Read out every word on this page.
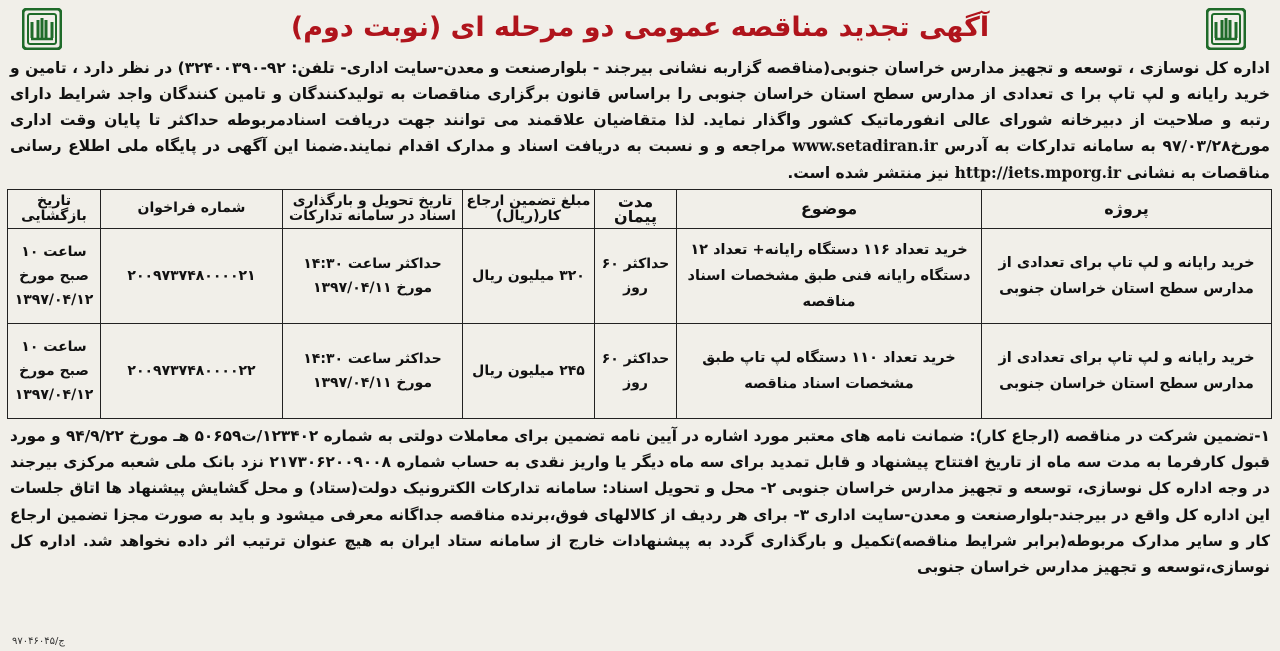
آگهی تجدید مناقصه عمومی دو مرحله ای (نوبت دوم)

اداره کل نوسازی ، توسعه و تجهیز مدارس خراسان جنوبی(مناقصه گزاربه نشانی بیرجند - بلوارصنعت و معدن-سایت اداری- تلفن: ۹۲-۳۲۴۰۰۳۹۰) در نظر دارد ، تامین و خرید رایانه و لپ تاپ برا ی تعدادی از مدارس سطح استان خراسان جنوبی را براساس قانون برگزاری مناقصات به تولیدکنندگان و تامین کنندگان واجد شرایط دارای رتبه و صلاحیت از دبیرخانه شورای عالی انفورماتیک کشور واگذار نماید. لذا متقاضیان علاقمند می توانند جهت دریافت اسنادمربوطه حداکثر تا پایان وقت اداری مورخ۹۷/۰۳/۲۸ به سامانه تدارکات به آدرس www.setadiran.ir مراجعه و و نسبت به دریافت اسناد و مدارک اقدام نمایند.ضمنا این آگهی در پایگاه ملی اطلاع رسانی مناقصات به نشانی http://iets.mporg.ir نیز منتشر شده است.

پروژه	موضوع	مدت پیمان	مبلغ تضمین ارجاع کار(ریال)	تاریخ تحویل و بارگذاری اسناد در سامانه تدارکات	شماره فراخوان	تاریخ بازگشایی
خرید رایانه و لپ تاپ برای تعدادی از مدارس سطح استان خراسان جنوبی	خرید تعداد ۱۱۶ دستگاه رایانه+ تعداد ۱۲ دستگاه رایانه فنی طبق مشخصات اسناد مناقصه	حداکثر ۶۰ روز	۳۲۰ میلیون ریال	حداکثر ساعت ۱۴:۳۰ مورخ ۱۳۹۷/۰۴/۱۱	۲۰۰۹۷۳۷۴۸۰۰۰۰۲۱	ساعت ۱۰ صبح مورخ ۱۳۹۷/۰۴/۱۲
خرید رایانه و لپ تاپ برای تعدادی از مدارس سطح استان خراسان جنوبی	خرید تعداد ۱۱۰ دستگاه لپ تاپ طبق مشخصات اسناد مناقصه	حداکثر ۶۰ روز	۲۴۵ میلیون ریال	حداکثر ساعت ۱۴:۳۰ مورخ ۱۳۹۷/۰۴/۱۱	۲۰۰۹۷۳۷۴۸۰۰۰۰۲۲	ساعت ۱۰ صبح مورخ ۱۳۹۷/۰۴/۱۲

۱-تضمین شرکت در مناقصه (ارجاع کار): ضمانت نامه های معتبر مورد اشاره در آیین نامه تضمین برای معاملات دولتی به شماره ۱۲۳۴۰۲/ت۵۰۶۵۹ هـ مورخ ۹۴/۹/۲۲ و مورد قبول کارفرما به مدت سه ماه از تاریخ افتتاح پیشنهاد و قابل تمدید برای سه ماه دیگر یا واریز نقدی به حساب شماره ۲۱۷۳۰۶۲۰۰۹۰۰۸ نزد بانک ملی شعبه مرکزی بیرجند در وجه اداره کل نوسازی، توسعه و تجهیز مدارس خراسان جنوبی ۲- محل و تحویل اسناد: سامانه تدارکات الکترونیک دولت(ستاد) و محل گشایش پیشنهاد ها اتاق جلسات این اداره کل واقع در بیرجند-بلوارصنعت و معدن-سایت اداری ۳- برای هر ردیف از کالالهای فوق،برنده مناقصه جداگانه معرفی میشود و باید به صورت مجزا تضمین ارجاع کار و سایر مدارک مربوطه(برابر شرایط مناقصه)تکمیل و بارگذاری گردد به پیشنهادات خارج از سامانه ستاد ایران به هیچ عنوان ترتیب اثر داده نخواهد شد. اداره کل نوسازی،توسعه و تجهیز مدارس خراسان جنوبی

۹۷۰۴۶۰۴۵/ج
